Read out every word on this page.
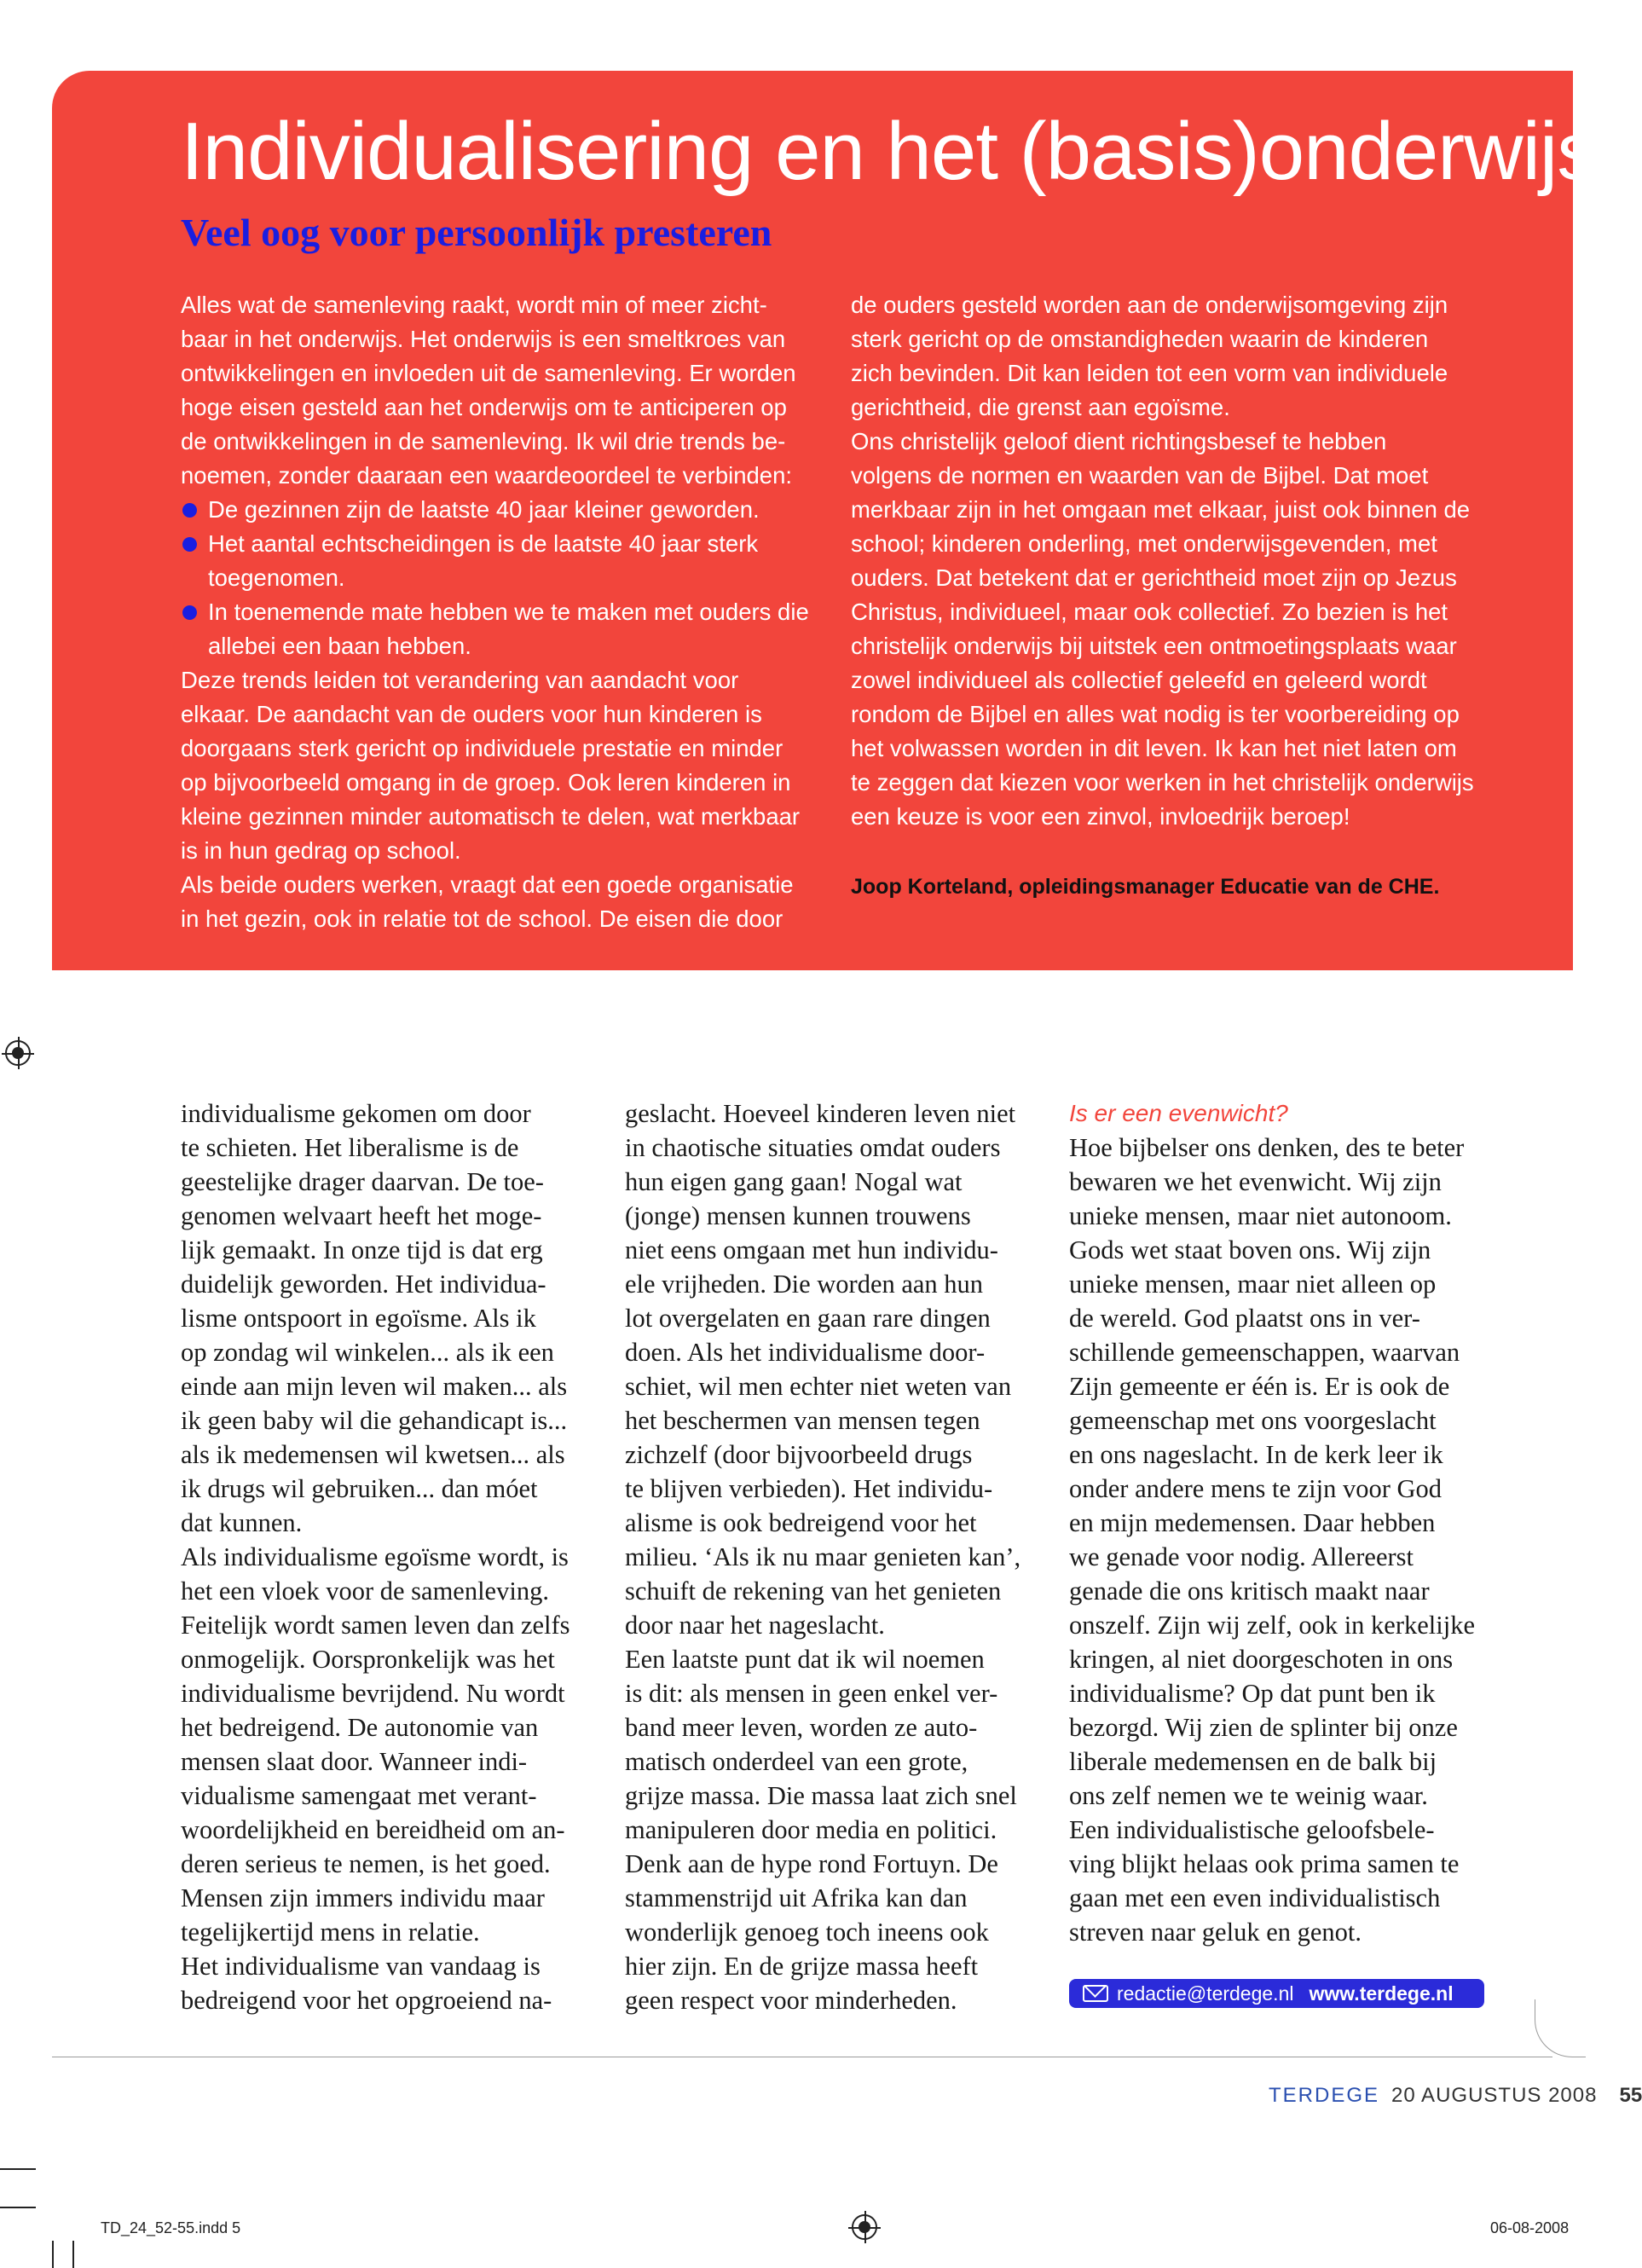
Individualisering en het (basis)onderwijs
Veel oog voor persoonlijk presteren
Alles wat de samenleving raakt, wordt min of meer zicht-
baar in het onderwijs. Het onderwijs is een smeltkroes van
ontwikkelingen en invloeden uit de samenleving. Er worden
hoge eisen gesteld aan het onderwijs om te anticiperen op
de ontwikkelingen in de samenleving. Ik wil drie trends be-
noemen, zonder daaraan een waardeoordeel te verbinden:
De gezinnen zijn de laatste 40 jaar kleiner geworden.
Het aantal echtscheidingen is de laatste 40 jaar sterk
toegenomen.
In toenemende mate hebben we te maken met ouders die
allebei een baan hebben.
Deze trends leiden tot verandering van aandacht voor
elkaar. De aandacht van de ouders voor hun kinderen is
doorgaans sterk gericht op individuele prestatie en minder
op bijvoorbeeld omgang in de groep. Ook leren kinderen in
kleine gezinnen minder automatisch te delen, wat merkbaar
is in hun gedrag op school.
Als beide ouders werken, vraagt dat een goede organisatie
in het gezin, ook in relatie tot de school. De eisen die door
de ouders gesteld worden aan de onderwijsomgeving zijn
sterk gericht op de omstandigheden waarin de kinderen
zich bevinden. Dit kan leiden tot een vorm van individuele
gerichtheid, die grenst aan egoïsme.
Ons christelijk geloof dient richtingsbesef te hebben
volgens de normen en waarden van de Bijbel. Dat moet
merkbaar zijn in het omgaan met elkaar, juist ook binnen de
school; kinderen onderling, met onderwijsgevenden, met
ouders. Dat betekent dat er gerichtheid moet zijn op Jezus
Christus, individueel, maar ook collectief. Zo bezien is het
christelijk onderwijs bij uitstek een ontmoetingsplaats waar
zowel individueel als collectief geleefd en geleerd wordt
rondom de Bijbel en alles wat nodig is ter voorbereiding op
het volwassen worden in dit leven. Ik kan het niet laten om
te zeggen dat kiezen voor werken in het christelijk onderwijs
een keuze is voor een zinvol, invloedrijk beroep!
Joop Korteland, opleidingsmanager Educatie van de CHE.
individualisme gekomen om door
te schieten. Het liberalisme is de
geestelijke drager daarvan. De toe-
genomen welvaart heeft het moge-
lijk gemaakt. In onze tijd is dat erg
duidelijk geworden. Het individua-
lisme ontspoort in egoïsme. Als ik
op zondag wil winkelen... als ik een
einde aan mijn leven wil maken... als
ik geen baby wil die gehandicapt is...
als ik medemensen wil kwetsen... als
ik drugs wil gebruiken... dan móet
dat kunnen.
Als individualisme egoïsme wordt, is
het een vloek voor de samenleving.
Feitelijk wordt samen leven dan zelfs
onmogelijk. Oorspronkelijk was het
individualisme bevrijdend. Nu wordt
het bedreigend. De autonomie van
mensen slaat door. Wanneer indi-
vidualisme samengaat met verant-
woordelijkheid en bereidheid om an-
deren serieus te nemen, is het goed.
Mensen zijn immers individu maar
tegelijkertijd mens in relatie.
Het individualisme van vandaag is
bedreigend voor het opgroeiend na-
geslacht. Hoeveel kinderen leven niet
in chaotische situaties omdat ouders
hun eigen gang gaan! Nogal wat
(jonge) mensen kunnen trouwens
niet eens omgaan met hun individu-
ele vrijheden. Die worden aan hun
lot overgelaten en gaan rare dingen
doen. Als het individualisme door-
schiet, wil men echter niet weten van
het beschermen van mensen tegen
zichzelf (door bijvoorbeeld drugs
te blijven verbieden). Het individu-
alisme is ook bedreigend voor het
milieu. ‘Als ik nu maar genieten kan’,
schuift de rekening van het genieten
door naar het nageslacht.
Een laatste punt dat ik wil noemen
is dit: als mensen in geen enkel ver-
band meer leven, worden ze auto-
matisch onderdeel van een grote,
grijze massa. Die massa laat zich snel
manipuleren door media en politici.
Denk aan de hype rond Fortuyn. De
stammenstrijd uit Afrika kan dan
wonderlijk genoeg toch ineens ook
hier zijn. En de grijze massa heeft
geen respect voor minderheden.
Is er een evenwicht?
Hoe bijbelser ons denken, des te beter
bewaren we het evenwicht. Wij zijn
unieke mensen, maar niet autonoom.
Gods wet staat boven ons. Wij zijn
unieke mensen, maar niet alleen op
de wereld. God plaatst ons in ver-
schillende gemeenschappen, waarvan
Zijn gemeente er één is. Er is ook de
gemeenschap met ons voorgeslacht
en ons nageslacht. In de kerk leer ik
onder andere mens te zijn voor God
en mijn medemensen. Daar hebben
we genade voor nodig. Allereerst
genade die ons kritisch maakt naar
onszelf. Zijn wij zelf, ook in kerkelijke
kringen, al niet doorgeschoten in ons
individualisme? Op dat punt ben ik
bezorgd. Wij zien de splinter bij onze
liberale medemensen en de balk bij
ons zelf nemen we te weinig waar.
Een individualistische geloofsbele-
ving blijkt helaas ook prima samen te
gaan met een even individualistisch
streven naar geluk en genot.
redactie@terdege.nl www.terdege.nl
TERDEGE 20 AUGUSTUS 2008 55
TD_24_52-55.indd 5	06-08-2008
